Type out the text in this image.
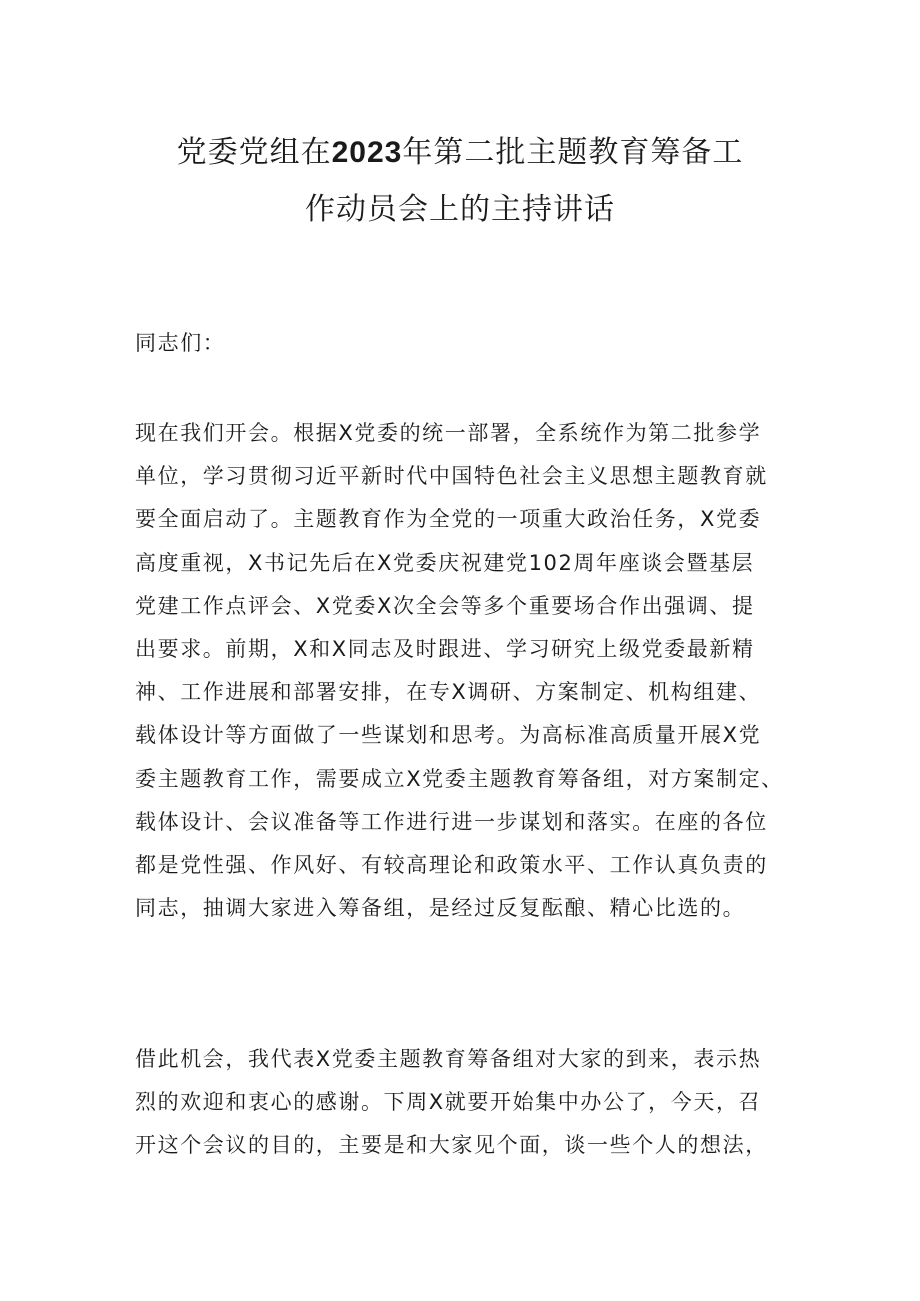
党委党组在2023年第二批主题教育筹备工
作动员会上的主持讲话

同志们：

现在我们开会。根据X党委的统一部署，全系统作为第二批参学
单位，学习贯彻习近平新时代中国特色社会主义思想主题教育就
要全面启动了。主题教育作为全党的一项重大政治任务，X党委
高度重视，X书记先后在X党委庆祝建党102周年座谈会暨基层
党建工作点评会、X党委X次全会等多个重要场合作出强调、提
出要求。前期，X和X同志及时跟进、学习研究上级党委最新精
神、工作进展和部署安排，在专X调研、方案制定、机构组建、
载体设计等方面做了一些谋划和思考。为高标准高质量开展X党
委主题教育工作，需要成立X党委主题教育筹备组，对方案制定、
载体设计、会议准备等工作进行进一步谋划和落实。在座的各位
都是党性强、作风好、有较高理论和政策水平、工作认真负责的
同志，抽调大家进入筹备组，是经过反复酝酿、精心比选的。

借此机会，我代表X党委主题教育筹备组对大家的到来，表示热
烈的欢迎和衷心的感谢。下周X就要开始集中办公了，今天，召
开这个会议的目的，主要是和大家见个面，谈一些个人的想法，
